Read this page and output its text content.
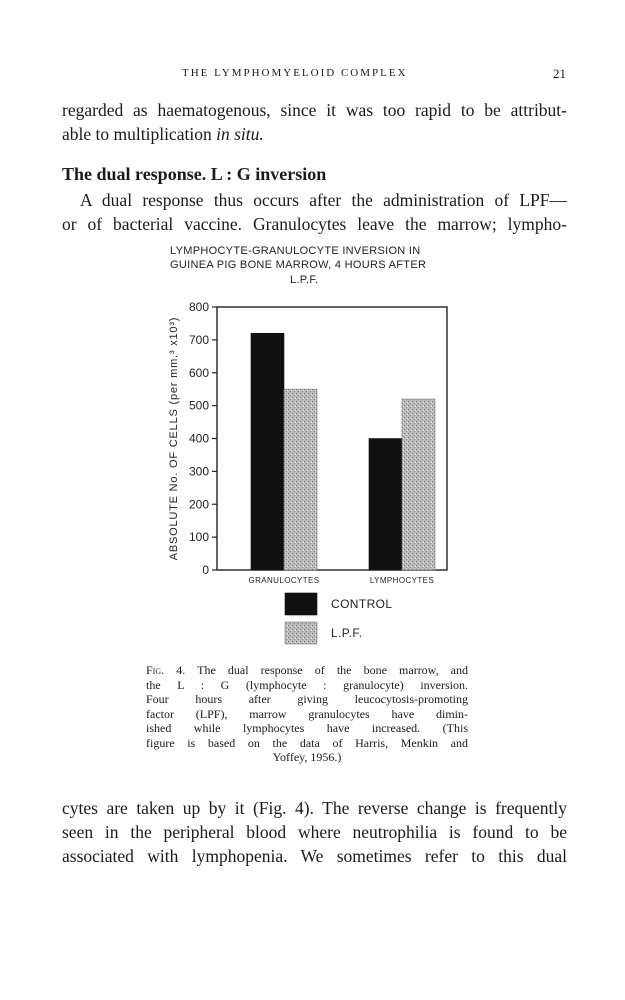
THE LYMPHOMYELOID COMPLEX	21
regarded as haematogenous, since it was too rapid to be attribut-
able to multiplication in situ.
The dual response. L : G inversion
A dual response thus occurs after the administration of LPF—
or of bacterial vaccine. Granulocytes leave the marrow; lympho-
LYMPHOCYTE-GRANULOCYTE INVERSION IN
GUINEA PIG BONE MARROW, 4 HOURS AFTER
L.P.F.
0
100
200
300
400
500
600
700
800
ABSOLUTE No. OF CELLS (per mm.³ x10³)
GRANULOCYTES	LYMPHOCYTES
CONTROL
L.P.F.
Fig. 4. The dual response of the bone marrow, and
the L : G (lymphocyte : granulocyte) inversion.
Four hours after giving leucocytosis-promoting
factor (LPF), marrow granulocytes have dimin-
ished while lymphocytes have increased. (This
figure is based on the data of Harris, Menkin and
Yoffey, 1956.)
cytes are taken up by it (Fig. 4). The reverse change is frequently
seen in the peripheral blood where neutrophilia is found to be
associated with lymphopenia. We sometimes refer to this dual
